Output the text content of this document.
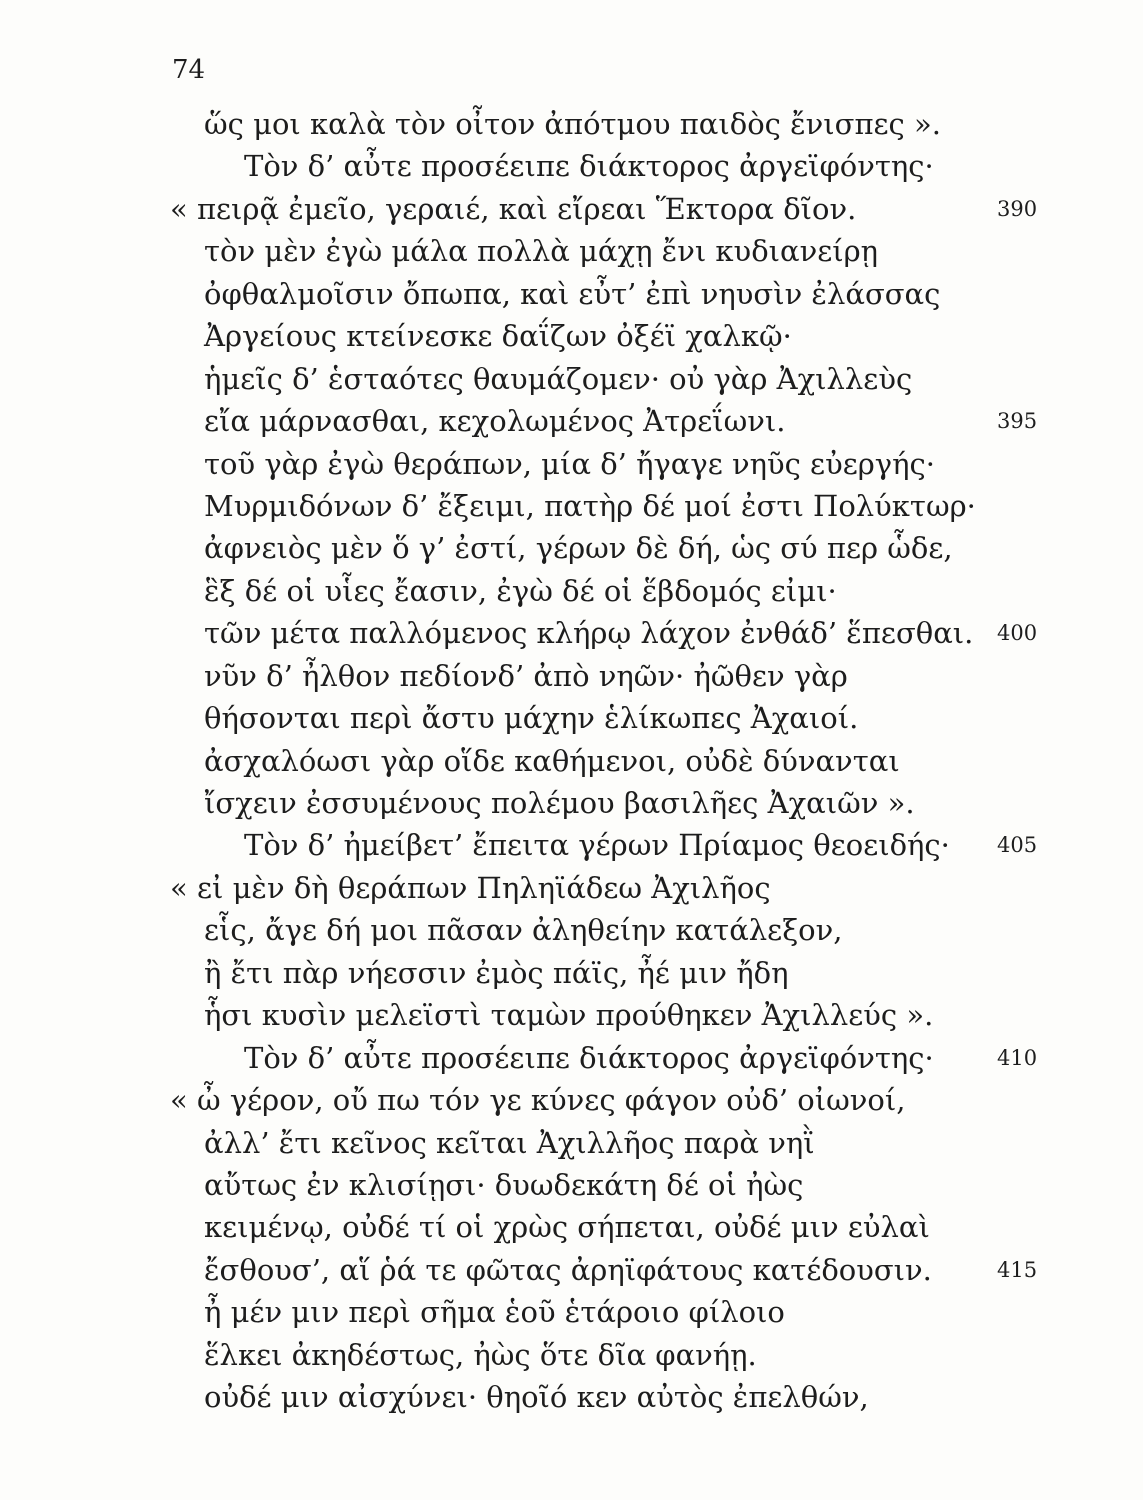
74
ὥς μοι καλὰ τὸν οἶτον ἀπότμου παιδὸς ἔνισπες ».
Τὸν δ’ αὖτε προσέειπε διάκτορος ἀργεϊφόντης·
« πειρᾷ ἐμεῖο, γεραιέ, καὶ εἴρεαι Ἕκτορα δῖον.	390
τὸν μὲν ἐγὼ μάλα πολλὰ μάχῃ ἔνι κυδιανείρῃ
ὀφθαλμοῖσιν ὄπωπα, καὶ εὖτ’ ἐπὶ νηυσὶν ἐλάσσας
Ἀργείους κτείνεσκε δαΐζων ὀξέϊ χαλκῷ·
ἡμεῖς δ’ ἑσταότες θαυμάζομεν· οὐ γὰρ Ἀχιλλεὺς
εἴα μάρνασθαι, κεχολωμένος Ἀτρεΐωνι.	395
τοῦ γὰρ ἐγὼ θεράπων, μία δ’ ἤγαγε νηῦς εὐεργής·
Μυρμιδόνων δ’ ἔξειμι, πατὴρ δέ μοί ἐστι Πολύκτωρ·
ἀφνειὸς μὲν ὅ γ’ ἐστί, γέρων δὲ δή, ὡς σύ περ ὧδε,
ἓξ δέ οἱ υἷες ἔασιν, ἐγὼ δέ οἱ ἕβδομός εἰμι·
τῶν μέτα παλλόμενος κλήρῳ λάχον ἐνθάδ’ ἕπεσθαι. 400
νῦν δ’ ἦλθον πεδίονδ’ ἀπὸ νηῶν· ἠῶθεν γὰρ
θήσονται περὶ ἄστυ μάχην ἑλίκωπες Ἀχαιοί.
ἀσχαλόωσι γὰρ οἵδε καθήμενοι, οὐδὲ δύνανται
ἴσχειν ἐσσυμένους πολέμου βασιλῆες Ἀχαιῶν ».
Τὸν δ’ ἠμείβετ’ ἔπειτα γέρων Πρίαμος θεοειδής· 405
« εἰ μὲν δὴ θεράπων Πηληϊάδεω Ἀχιλῆος
εἷς, ἄγε δή μοι πᾶσαν ἀληθείην κατάλεξον,
ἢ ἔτι πὰρ νήεσσιν ἐμὸς πάϊς, ἦέ μιν ἤδη
ἧσι κυσὶν μελεϊστὶ ταμὼν προύθηκεν Ἀχιλλεύς ».
Τὸν δ’ αὖτε προσέειπε διάκτορος ἀργεϊφόντης·	410
« ὦ γέρον, οὔ πω τόν γε κύνες φάγον οὐδ’ οἰωνοί,
ἀλλ’ ἔτι κεῖνος κεῖται Ἀχιλλῆος παρὰ νηῒ
αὔτως ἐν κλισίῃσι· δυωδεκάτη δέ οἱ ἠὼς
κειμένῳ, οὐδέ τί οἱ χρὼς σήπεται, οὐδέ μιν εὐλαὶ
ἔσθουσ’, αἵ ῥά τε φῶτας ἀρηϊφάτους κατέδουσιν.	415
ἦ μέν μιν περὶ σῆμα ἑοῦ ἑτάροιο φίλοιο
ἕλκει ἀκηδέστως, ἠὼς ὅτε δῖα φανήῃ.
οὐδέ μιν αἰσχύνει· θηοῖό κεν αὐτὸς ἐπελθών,
